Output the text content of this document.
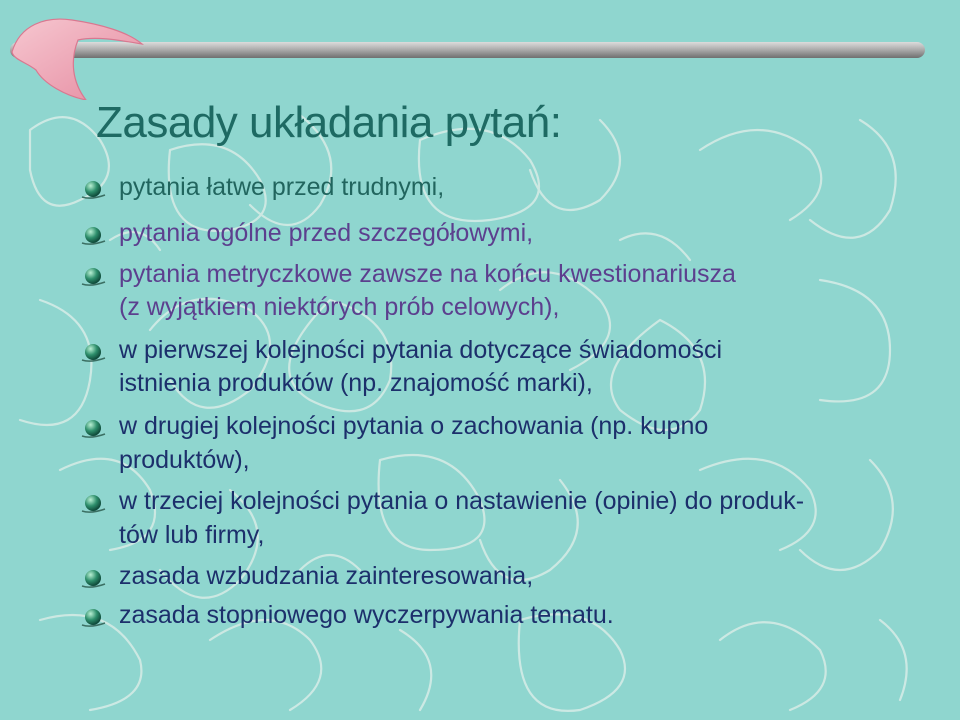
Zasady układania pytań:
pytania łatwe przed trudnymi,
pytania ogólne przed szczegółowymi,
pytania metryczkowe zawsze na końcu kwestionariusza
(z wyjątkiem niektórych prób celowych),
w pierwszej kolejności pytania dotyczące świadomości
istnienia produktów (np. znajomość marki),
w drugiej kolejności pytania o zachowania (np. kupno
produktów),
w trzeciej kolejności pytania o nastawienie (opinie) do produk-
tów lub firmy,
zasada wzbudzania zainteresowania,
zasada stopniowego wyczerpywania tematu.
